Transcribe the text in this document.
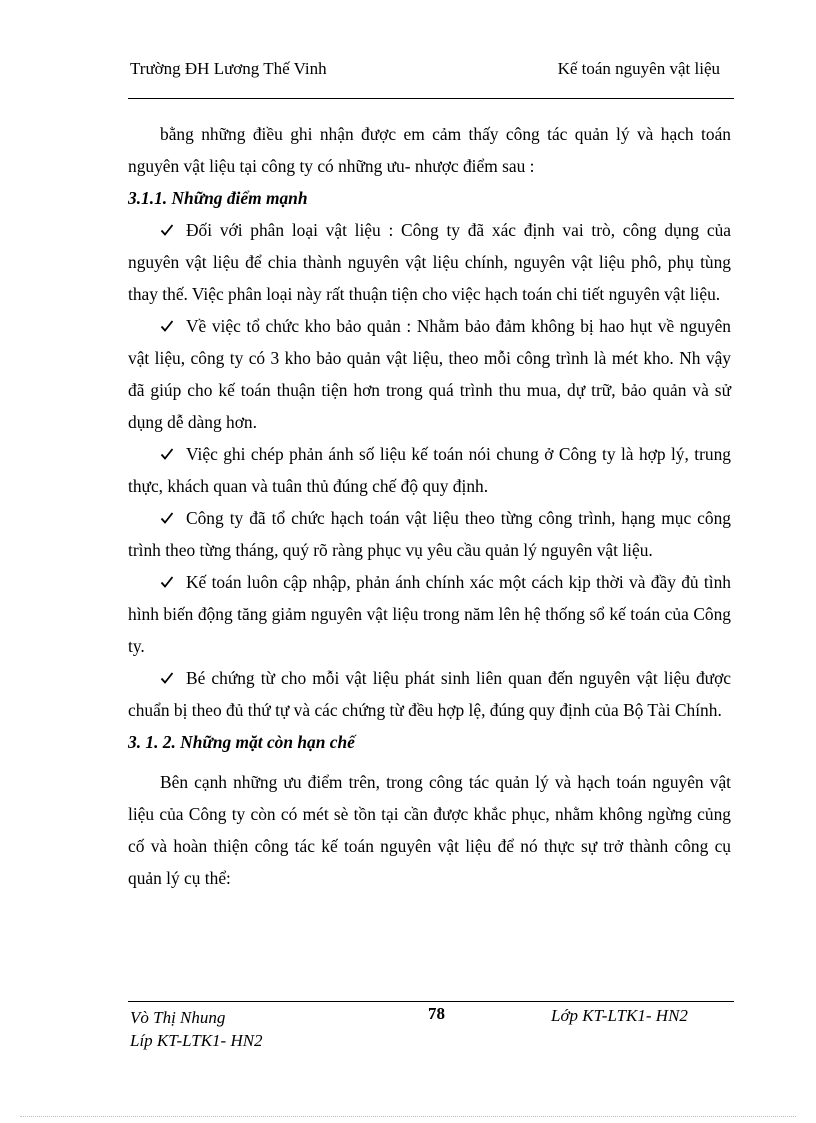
Trường ĐH Lương Thế Vinh	Kế toán nguyên vật liệu

bằng những điều ghi nhận được em cảm thấy công tác quản lý và hạch toán nguyên vật liệu tại công ty có những ưu- nhược điểm sau :

3.1.1. Những điểm mạnh

Đối với phân loại vật liệu : Công ty đã xác định vai trò, công dụng của nguyên vật liệu để chia thành nguyên vật liệu chính, nguyên vật liệu phô, phụ tùng thay thế. Việc phân loại này rất thuận tiện cho việc hạch toán chi tiết nguyên vật liệu.

Về việc tổ chức kho bảo quản : Nhằm bảo đảm không bị hao hụt về nguyên vật liệu, công ty có 3 kho bảo quản vật liệu, theo mỗi công trình là mét kho. Nh vậy đã giúp cho kế toán thuận tiện hơn trong quá trình thu mua, dự trữ, bảo quản và sử dụng dễ dàng hơn.

Việc ghi chép phản ánh số liệu kế toán nói chung ở Công ty là hợp lý, trung thực, khách quan và tuân thủ đúng chế độ quy định.

Công ty đã tổ chức hạch toán vật liệu theo từng công trình, hạng mục công trình theo từng tháng, quý rõ ràng phục vụ yêu cầu quản lý nguyên vật liệu.

Kế toán luôn cập nhập, phản ánh chính xác một cách kịp thời và đầy đủ tình hình biến động tăng giảm nguyên vật liệu trong năm lên hệ thống sổ kế toán của Công ty.

Bé chứng từ cho mỗi vật liệu phát sinh liên quan đến nguyên vật liệu được chuẩn bị theo đủ thứ tự và các chứng từ đều hợp lệ, đúng quy định của Bộ Tài Chính.

3. 1. 2. Những mặt còn hạn chế

Bên cạnh những ưu điểm trên, trong công tác quản lý và hạch toán nguyên vật liệu của Công ty còn có mét sè tồn tại cần được khắc phục, nhằm không ngừng củng cố và hoàn thiện công tác kế toán nguyên vật liệu để nó thực sự trở thành công cụ quản lý cụ thể:

Vò Thị Nhung
Líp KT-LTK1- HN2
78	Lớp KT-LTK1- HN2
